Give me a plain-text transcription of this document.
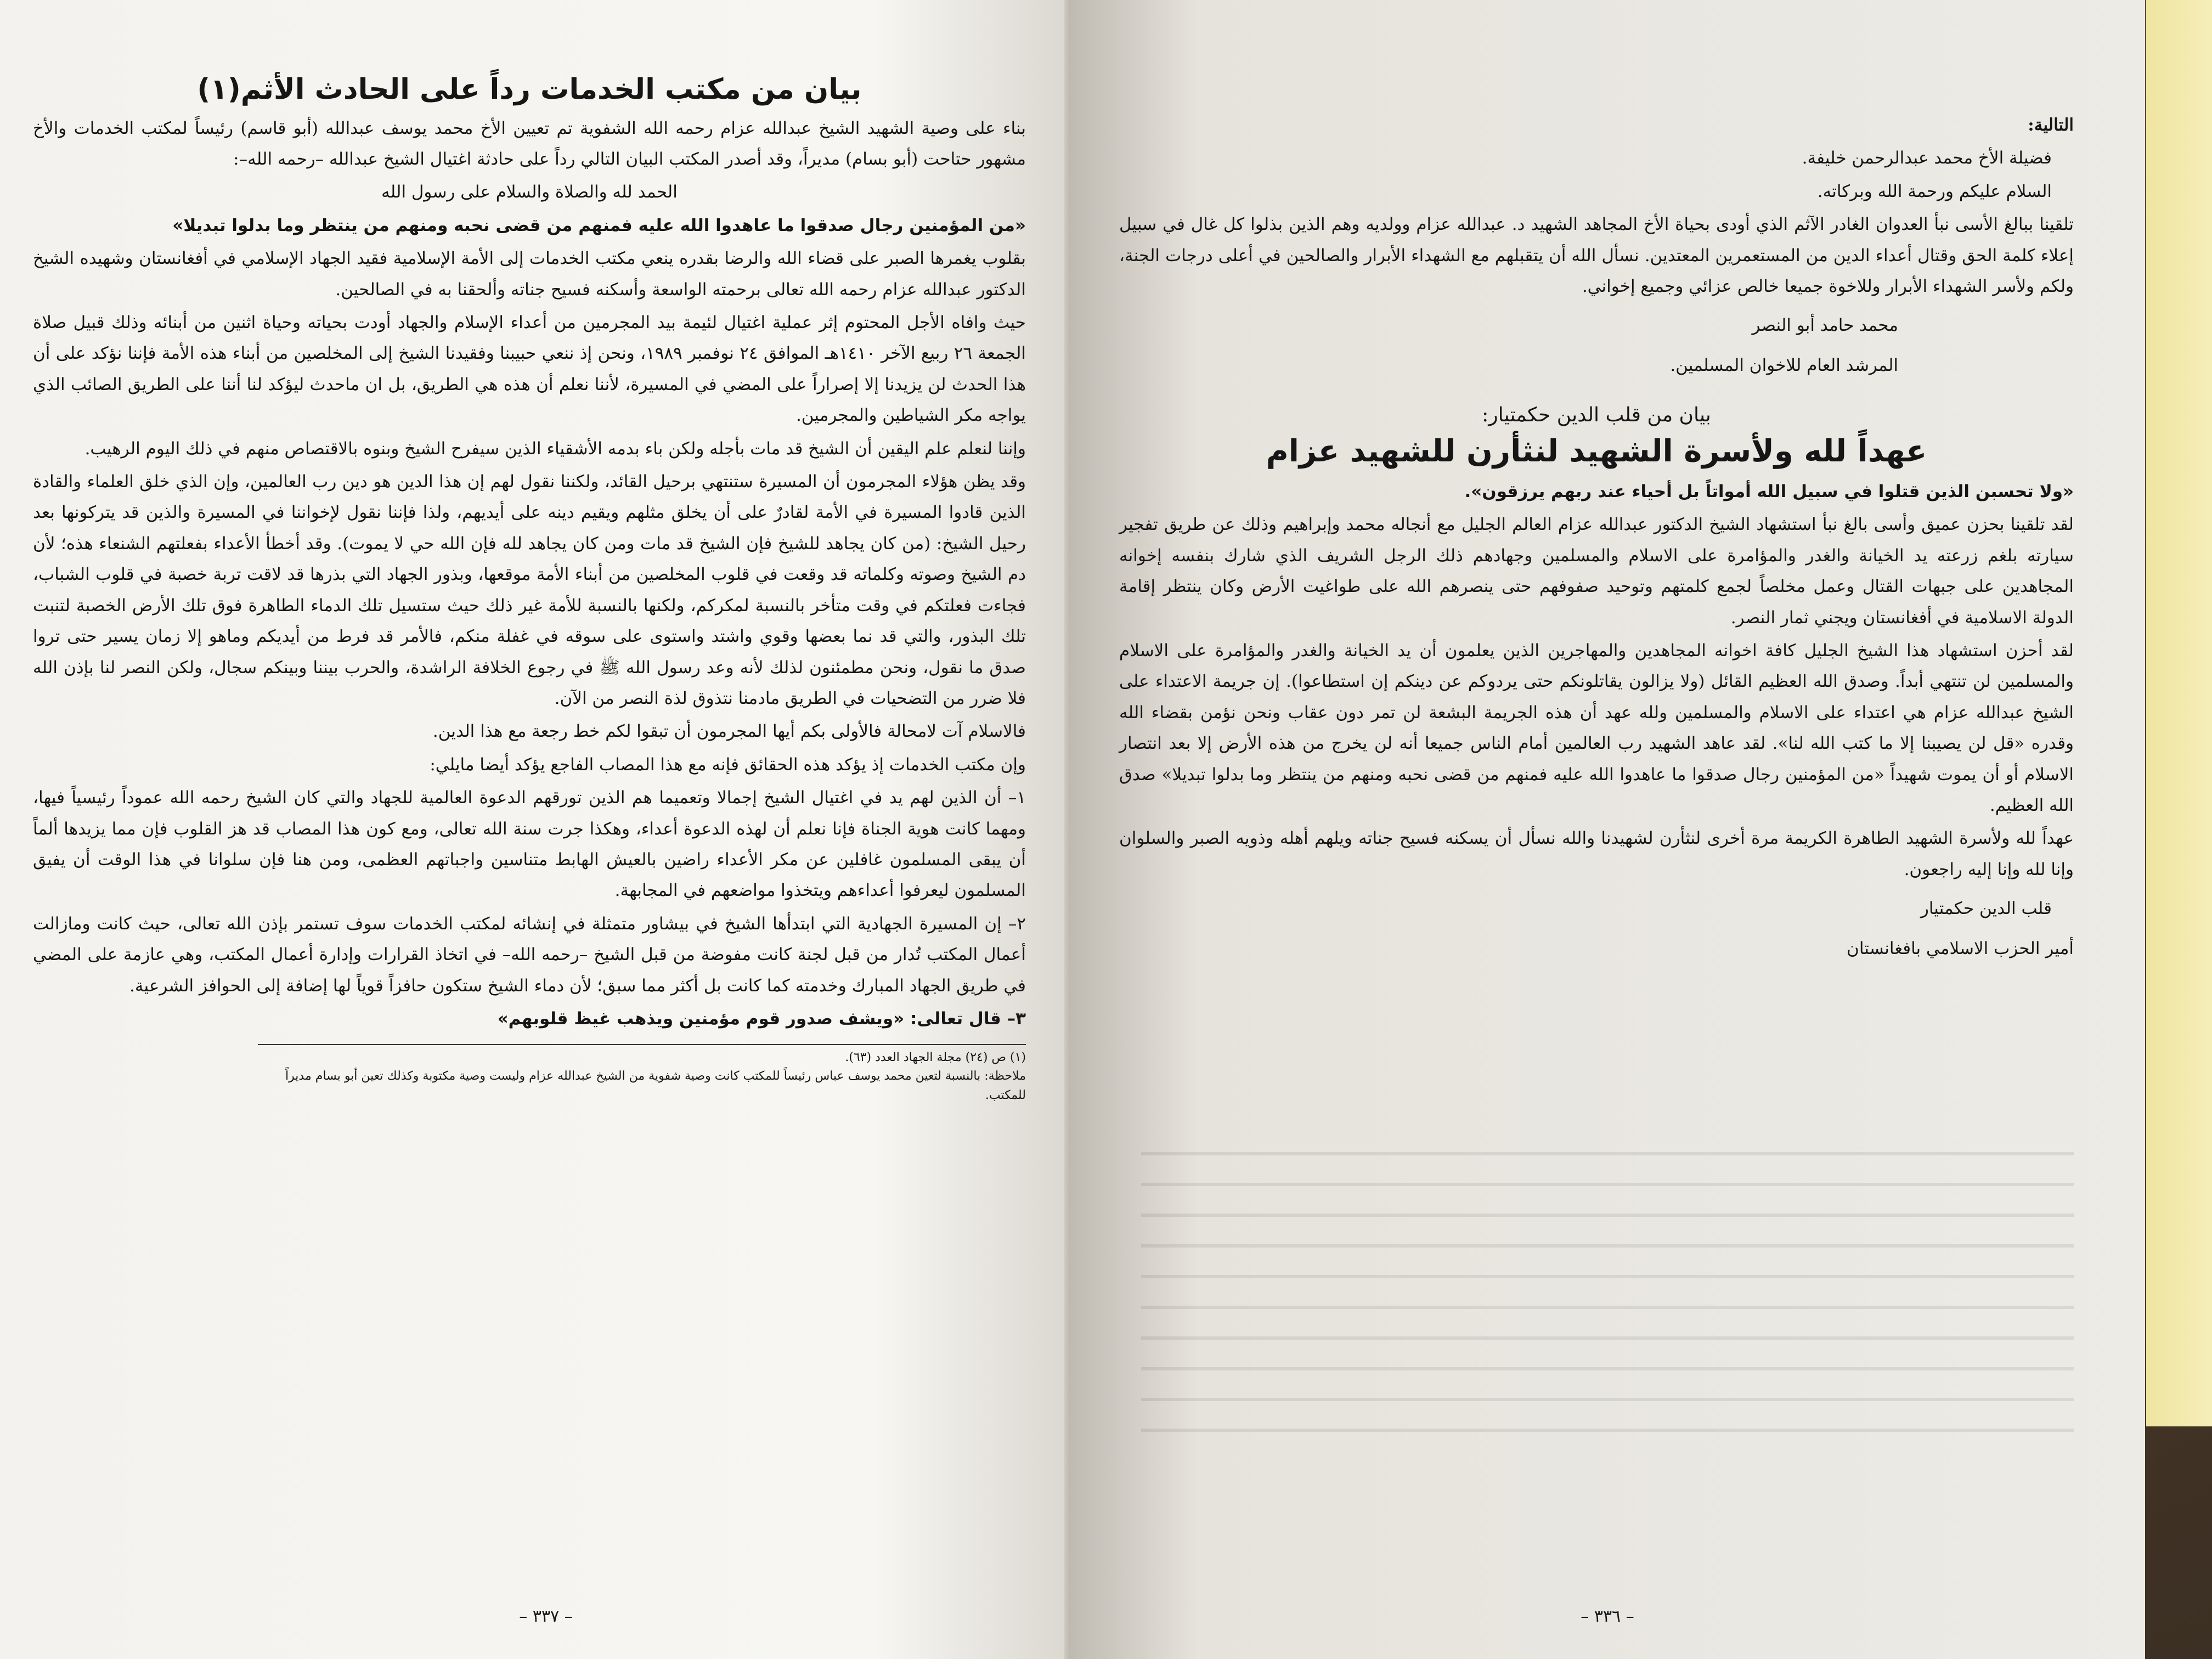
بيان من مكتب الخدمات رداً على الحادث الأثم(١)

بناء على وصية الشهيد الشيخ عبدالله عزام رحمه الله الشفوية تم تعيين الأخ محمد يوسف عبدالله (أبو قاسم) رئيساً لمكتب الخدمات والأخ مشهور حتاحت (أبو بسام) مديراً، وقد أصدر المكتب البيان التالي رداً على حادثة اغتيال الشيخ عبدالله –رحمه الله–:

الحمد لله والصلاة والسلام على رسول الله

«من المؤمنين رجال صدقوا ما عاهدوا الله عليه فمنهم من قضى نحبه ومنهم من ينتظر وما بدلوا تبديلا»

بقلوب يغمرها الصبر على قضاء الله والرضا بقدره ينعي مكتب الخدمات إلى الأمة الإسلامية فقيد الجهاد الإسلامي في أفغانستان وشهيده الشيخ الدكتور عبدالله عزام رحمه الله تعالى برحمته الواسعة وأسكنه فسيح جناته وألحقنا به في الصالحين.

حيث وافاه الأجل المحتوم إثر عملية اغتيال لئيمة بيد المجرمين من أعداء الإسلام والجهاد أودت بحياته وحياة اثنين من أبنائه وذلك قبيل صلاة الجمعة ٢٦ ربيع الآخر ١٤١٠هـ الموافق ٢٤ نوفمبر ١٩٨٩، ونحن إذ ننعي حبيبنا وفقيدنا الشيخ إلى المخلصين من أبناء هذه الأمة فإننا نؤكد على أن هذا الحدث لن يزيدنا إلا إصراراً على المضي في المسيرة، لأننا نعلم أن هذه هي الطريق، بل ان ماحدث ليؤكد لنا أننا على الطريق الصائب الذي يواجه مكر الشياطين والمجرمين.

وإننا لنعلم علم اليقين أن الشيخ قد مات بأجله ولكن باء بدمه الأشقياء الذين سيفرح الشيخ وبنوه بالاقتصاص منهم في ذلك اليوم الرهيب.

وقد يظن هؤلاء المجرمون أن المسيرة ستنتهي برحيل القائد، ولكننا نقول لهم إن هذا الدين هو دين رب العالمين، وإن الذي خلق العلماء والقادة الذين قادوا المسيرة في الأمة لقادرٌ على أن يخلق مثلهم ويقيم دينه على أيديهم، ولذا فإننا نقول لإخواننا في المسيرة والذين قد يتركونها بعد رحيل الشيخ: (من كان يجاهد للشيخ فإن الشيخ قد مات ومن كان يجاهد لله فإن الله حي لا يموت). وقد أخطأ الأعداء بفعلتهم الشنعاء هذه؛ لأن دم الشيخ وصوته وكلماته قد وقعت في قلوب المخلصين من أبناء الأمة موقعها، وبذور الجهاد التي بذرها قد لاقت تربة خصبة في قلوب الشباب، فجاءت فعلتكم في وقت متأخر بالنسبة لمكركم، ولكنها بالنسبة للأمة غير ذلك حيث ستسيل تلك الدماء الطاهرة فوق تلك الأرض الخصبة لتنبت تلك البذور، والتي قد نما بعضها وقوي واشتد واستوى على سوقه في غفلة منكم، فالأمر قد فرط من أيديكم وماهو إلا زمان يسير حتى تروا صدق ما نقول، ونحن مطمئنون لذلك لأنه وعد رسول الله ﷺ في رجوع الخلافة الراشدة، والحرب بيننا وبينكم سجال، ولكن النصر لنا بإذن الله فلا ضرر من التضحيات في الطريق مادمنا نتذوق لذة النصر من الآن.

فالاسلام آت لامحالة فالأولى بكم أيها المجرمون أن تبقوا لكم خط رجعة مع هذا الدين.

وإن مكتب الخدمات إذ يؤكد هذه الحقائق فإنه مع هذا المصاب الفاجع يؤكد أيضا مايلي:

١– أن الذين لهم يد في اغتيال الشيخ إجمالا وتعميما هم الذين تورقهم الدعوة العالمية للجهاد والتي كان الشيخ رحمه الله عموداً رئيسياً فيها، ومهما كانت هوية الجناة فإنا نعلم أن لهذه الدعوة أعداء، وهكذا جرت سنة الله تعالى، ومع كون هذا المصاب قد هز القلوب فإن مما يزيدها ألماً أن يبقى المسلمون غافلين عن مكر الأعداء راضين بالعيش الهابط متناسين واجباتهم العظمى، ومن هنا فإن سلوانا في هذا الوقت أن يفيق المسلمون ليعرفوا أعداءهم ويتخذوا مواضعهم في المجابهة.

٢– إن المسيرة الجهادية التي ابتدأها الشيخ في بيشاور متمثلة في إنشائه لمكتب الخدمات سوف تستمر بإذن الله تعالى، حيث كانت ومازالت أعمال المكتب تُدار من قبل لجنة كانت مفوضة من قبل الشيخ –رحمه الله– في اتخاذ القرارات وإدارة أعمال المكتب، وهي عازمة على المضي في طريق الجهاد المبارك وخدمته كما كانت بل أكثر مما سبق؛ لأن دماء الشيخ ستكون حافزاً قوياً لها إضافة إلى الحوافز الشرعية.

٣– قال تعالى: «ويشف صدور قوم مؤمنين ويذهب غيظ قلوبهم»

(١) ص (٢٤) مجلة الجهاد العدد (٦٣).
ملاحظة: بالنسبة لتعين محمد يوسف عباس رئيساً للمكتب كانت وصية شفوية من الشيخ عبدالله عزام وليست وصية مكتوبة وكذلك تعين أبو بسام مديراً للمكتب.
– ٣٣٧ –

التالية:

فضيلة الأخ محمد عبدالرحمن خليفة.

السلام عليكم ورحمة الله وبركاته.

تلقينا ببالغ الأسى نبأ العدوان الغادر الآثم الذي أودى بحياة الأخ المجاهد الشهيد د. عبدالله عزام وولديه وهم الذين بذلوا كل غال في سبيل إعلاء كلمة الحق وقتال أعداء الدين من المستعمرين المعتدين. نسأل الله أن يتقبلهم مع الشهداء الأبرار والصالحين في أعلى درجات الجنة، ولكم ولأسر الشهداء الأبرار وللاخوة جميعا خالص عزائي وجميع إخواني.

محمد حامد أبو النصر
المرشد العام للاخوان المسلمين.
بيان من قلب الدين حكمتيار:
عهداً لله ولأسرة الشهيد لنثأرن للشهيد عزام

«ولا تحسبن الذين قتلوا في سبيل الله أمواتاً بل أحياء عند ربهم يرزقون».

لقد تلقينا بحزن عميق وأسى بالغ نبأ استشهاد الشيخ الدكتور عبدالله عزام العالم الجليل مع أنجاله محمد وإبراهيم وذلك عن طريق تفجير سيارته بلغم زرعته يد الخيانة والغدر والمؤامرة على الاسلام والمسلمين وجهادهم ذلك الرجل الشريف الذي شارك بنفسه إخوانه المجاهدين على جبهات القتال وعمل مخلصاً لجمع كلمتهم وتوحيد صفوفهم حتى ينصرهم الله على طواغيت الأرض وكان ينتظر إقامة الدولة الاسلامية في أفغانستان ويجني ثمار النصر.

لقد أحزن استشهاد هذا الشيخ الجليل كافة اخوانه المجاهدين والمهاجرين الذين يعلمون أن يد الخيانة والغدر والمؤامرة على الاسلام والمسلمين لن تنتهي أبداً. وصدق الله العظيم القائل (ولا يزالون يقاتلونكم حتى يردوكم عن دينكم إن استطاعوا). إن جريمة الاعتداء على الشيخ عبدالله عزام هي اعتداء على الاسلام والمسلمين ولله عهد أن هذه الجريمة البشعة لن تمر دون عقاب ونحن نؤمن بقضاء الله وقدره «قل لن يصيبنا إلا ما كتب الله لنا». لقد عاهد الشهيد رب العالمين أمام الناس جميعا أنه لن يخرج من هذه الأرض إلا بعد انتصار الاسلام أو أن يموت شهيداً «من المؤمنين رجال صدقوا ما عاهدوا الله عليه فمنهم من قضى نحبه ومنهم من ينتظر وما بدلوا تبديلا» صدق الله العظيم.

عهداً لله ولأسرة الشهيد الطاهرة الكريمة مرة أخرى لنثأرن لشهيدنا والله نسأل أن يسكنه فسيح جناته ويلهم أهله وذويه الصبر والسلوان وإنا لله وإنا إليه راجعون.

قلب الدين حكمتيار
أمير الحزب الاسلامي بافغانستان
– ٣٣٦ –
